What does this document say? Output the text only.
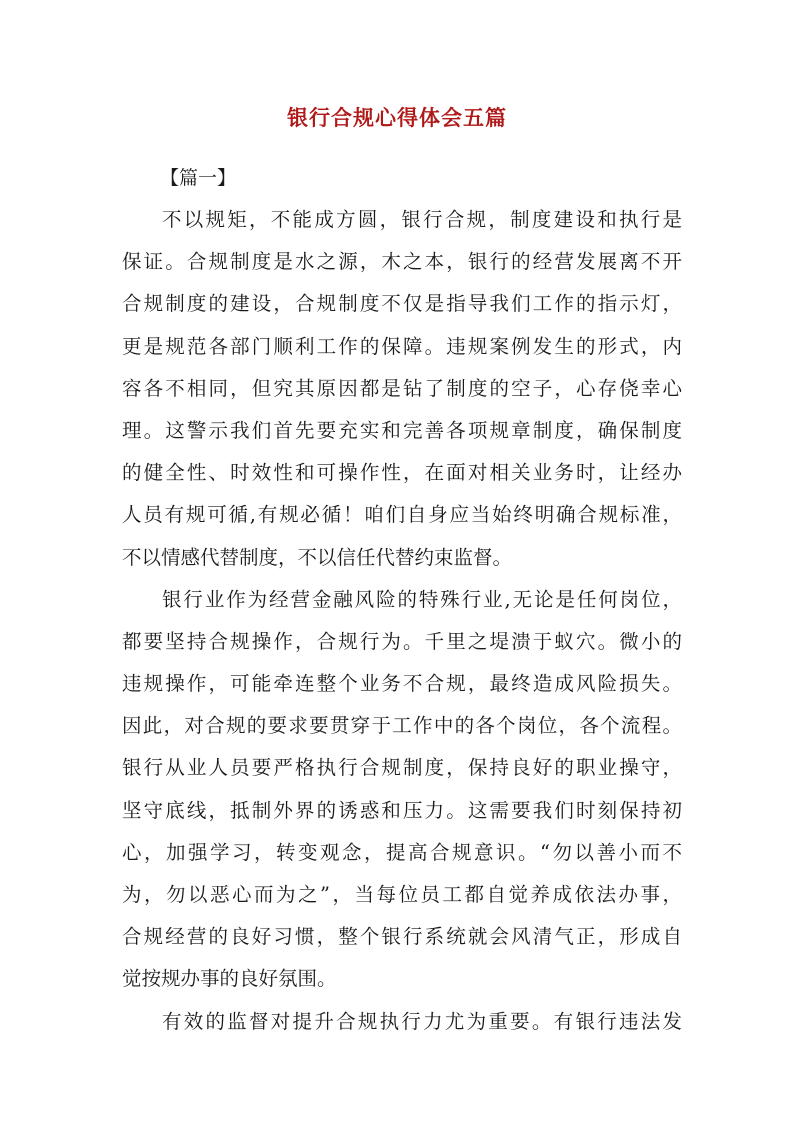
银行合规心得体会五篇
【篇一】
不以规矩，不能成方圆，银行合规，制度建设和执行是
保证。合规制度是水之源，木之本，银行的经营发展离不开
合规制度的建设，合规制度不仅是指导我们工作的指示灯，
更是规范各部门顺利工作的保障。违规案例发生的形式，内
容各不相同，但究其原因都是钻了制度的空子，心存侥幸心
理。这警示我们首先要充实和完善各项规章制度，确保制度
的健全性、时效性和可操作性，在面对相关业务时，让经办
人员有规可循,有规必循！咱们自身应当始终明确合规标准，
不以情感代替制度，不以信任代替约束监督。
银行业作为经营金融风险的特殊行业,无论是任何岗位，
都要坚持合规操作，合规行为。千里之堤溃于蚁穴。微小的
违规操作，可能牵连整个业务不合规，最终造成风险损失。
因此，对合规的要求要贯穿于工作中的各个岗位，各个流程。
银行从业人员要严格执行合规制度，保持良好的职业操守，
坚守底线，抵制外界的诱惑和压力。这需要我们时刻保持初
心，加强学习，转变观念，提高合规意识。“勿以善小而不
为，勿以恶心而为之”，当每位员工都自觉养成依法办事，
合规经营的良好习惯，整个银行系统就会风清气正，形成自
觉按规办事的良好氛围。
有效的监督对提升合规执行力尤为重要。有银行违法发
